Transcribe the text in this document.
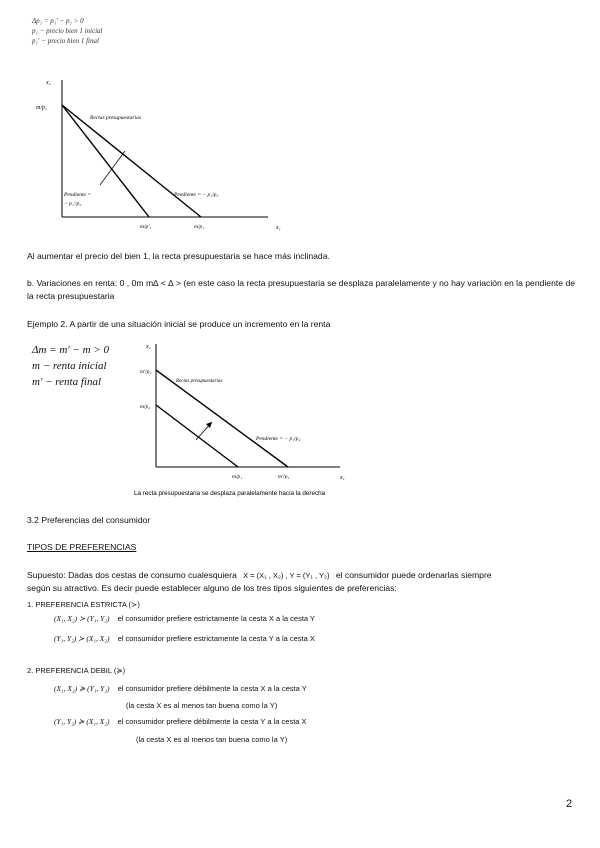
Δp₁ = p₁′ − p₁ > 0
p₁ − precio bien 1 inicial
p₁′ − precio bien 1 final
x₂
x₁
m/p₂
Rectas presupuestarias
Pendiente = − p₁/p₂
Pendiente =
− p₁′/p₂
m/p′₁	m/p₁
Al aumentar el precio del bien 1, la recta presupuestaria se hace más inclinada.
b. Variaciones en renta: 0 , 0m m∆ < ∆ > (en este caso la recta presupuestaria se desplaza paralelamente y no hay variación en la pendiente de la recta presupuestaria
Ejemplo 2. A partir de una situación inicial se produce un incremento en la renta
Δm = m′ − m > 0
m − renta inicial
m′ − renta final
x₂
x₁
m′/p₂
m/p₂
Rectas presupuestarias
Pendiente = − p₁/p₂
m/p₁	m′/p₁
La recta presupuestaria se desplaza paralelamente hacia la derecha
3.2 Preferencias del consumidor
TIPOS DE PREFERENCIAS
Supuesto: Dadas dos cestas de consumo cualesquiera X = (X₁ , X₂) , Y = (Y₁ , Y₂) el consumidor puede ordenarlas siempre
según su atractivo. Es decir puede establecer alguno de los tres tipos siguientes de preferencias:
1. PREFERENCIA ESTRICTA (≻)
(X₁, X₂) ≻ (Y₁, Y₂) el consumidor prefiere estrictamente la cesta X a la cesta Y
(Y₁, Y₂) ≻ (X₁, X₂) el consumidor prefiere estrictamente la cesta Y a la cesta X
2. PREFERENCIA DEBIL (≽)
(X₁, X₂) ≽ (Y₁, Y₂) el consumidor prefiere débilmente la cesta X a la cesta Y
(la cesta X es al menos tan buena como la Y)
(Y₁, Y₂) ≽ (X₁, X₂) el consumidor prefiere débilmente la cesta Y a la cesta X
(la cesta X es al menos tan buena como la Y)
2
